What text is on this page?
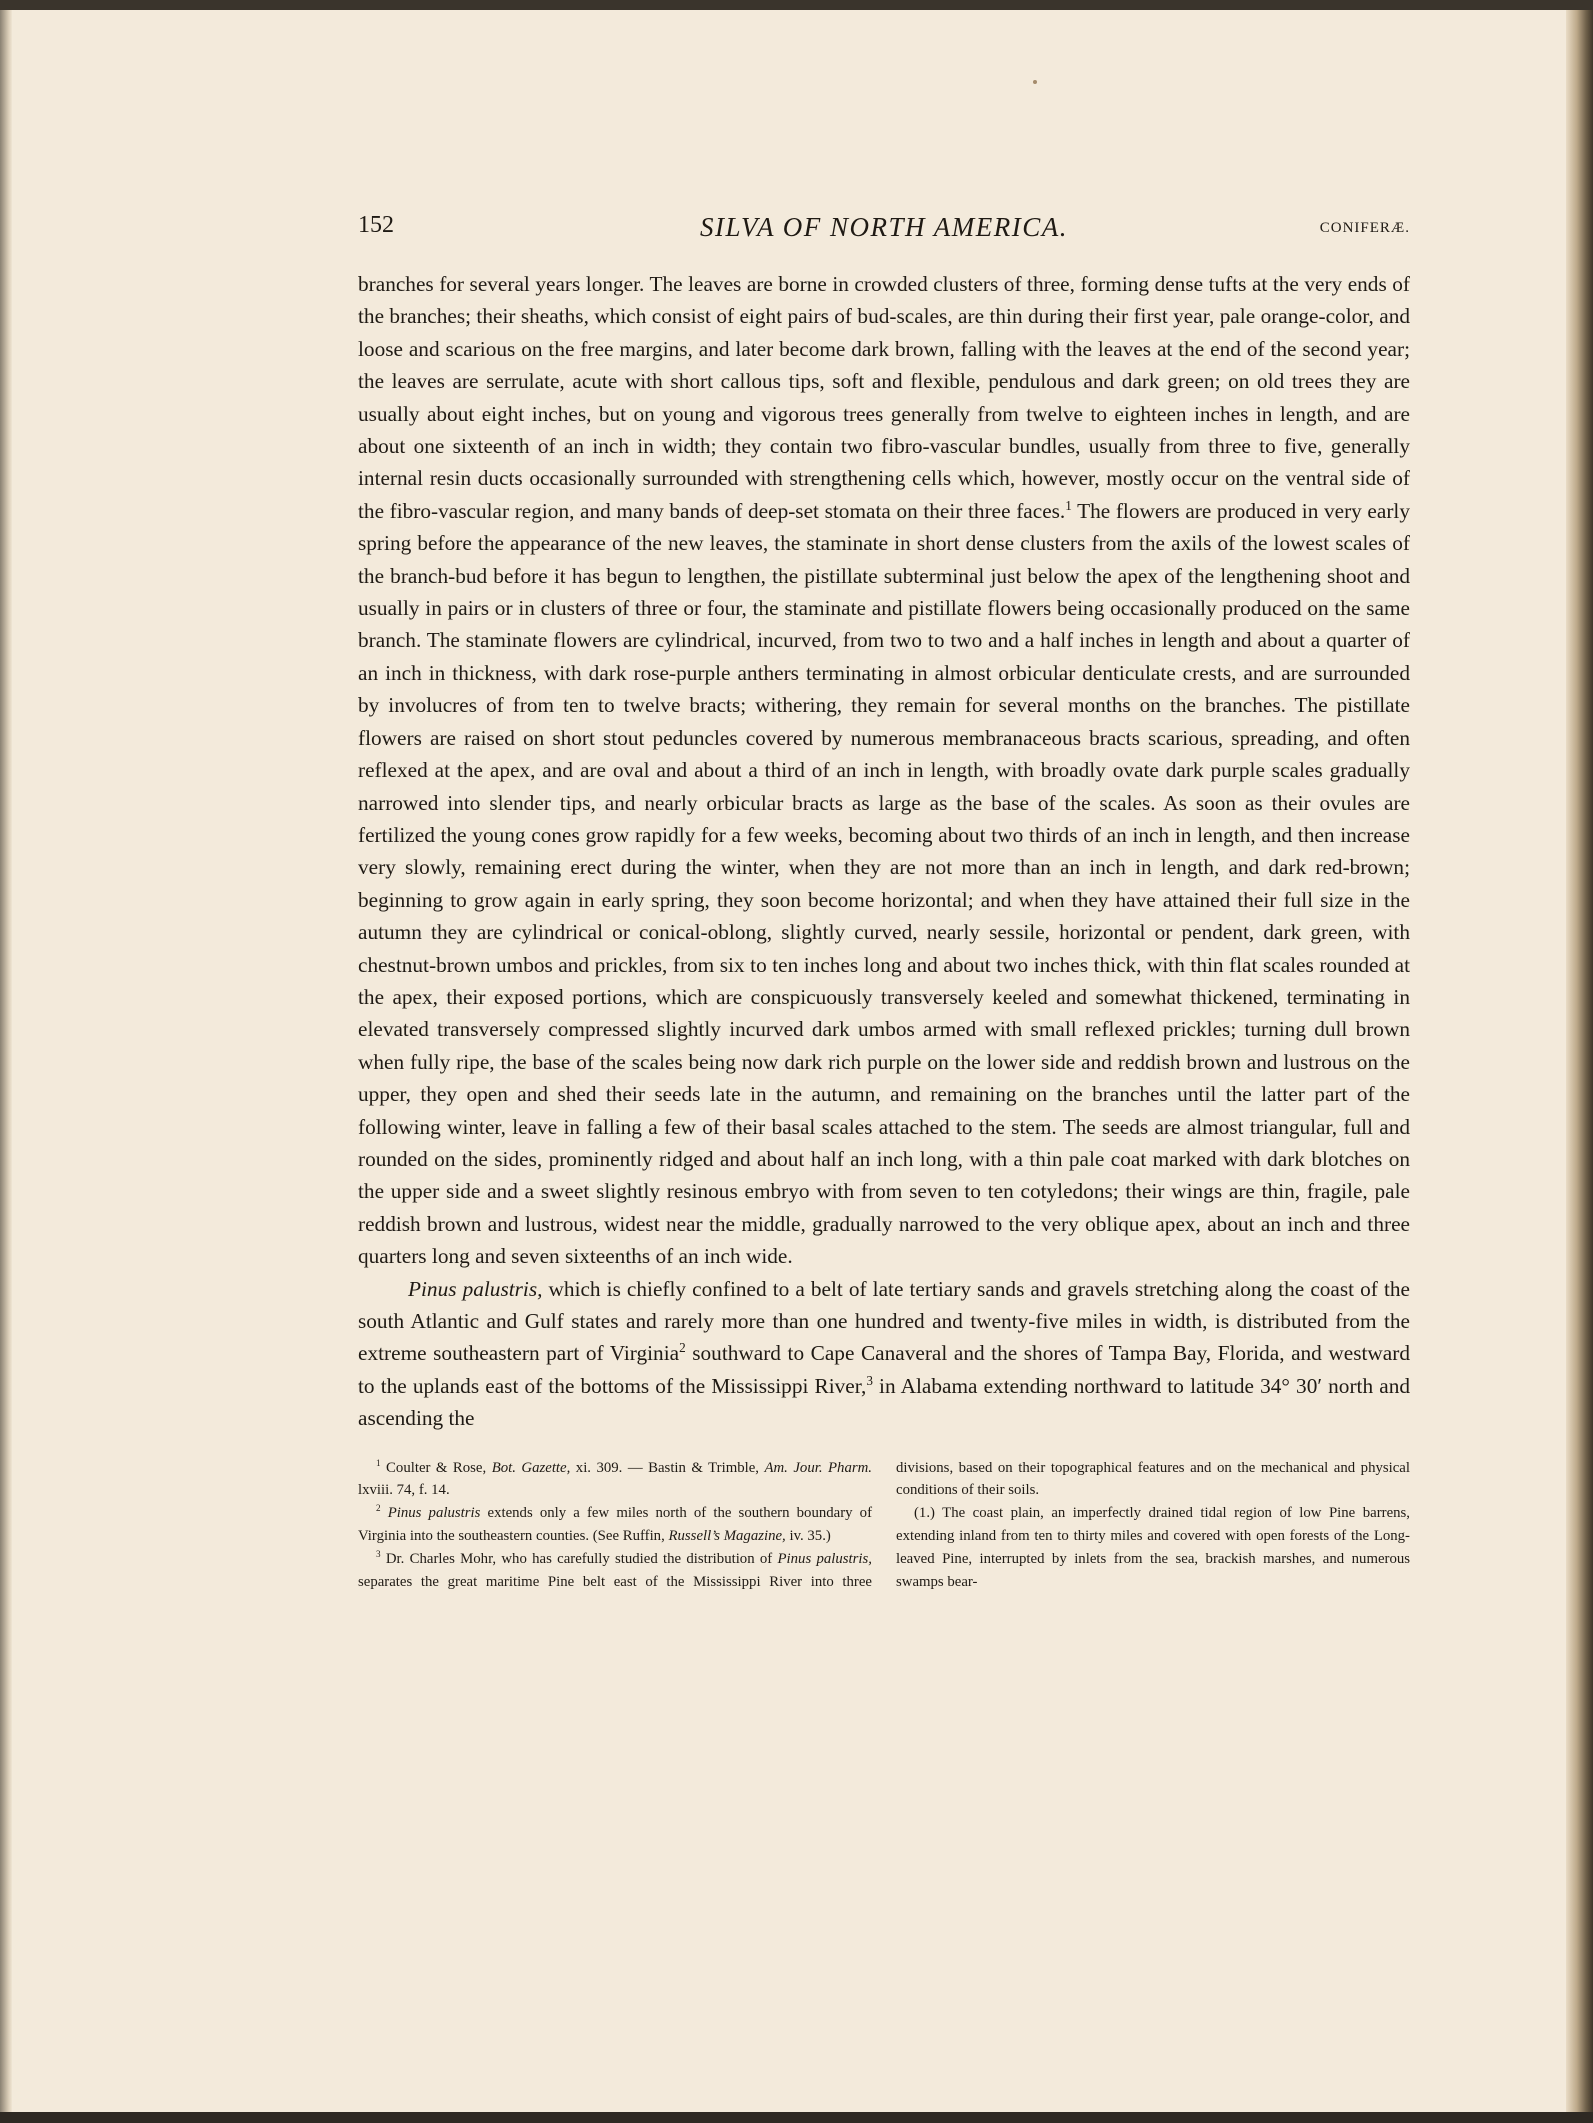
152	SILVA OF NORTH AMERICA.	CONIFERÆ.

branches for several years longer. The leaves are borne in crowded clusters of three, forming dense tufts at the very ends of the branches; their sheaths, which consist of eight pairs of bud-scales, are thin during their first year, pale orange-color, and loose and scarious on the free margins, and later become dark brown, falling with the leaves at the end of the second year; the leaves are serrulate, acute with short callous tips, soft and flexible, pendulous and dark green; on old trees they are usually about eight inches, but on young and vigorous trees generally from twelve to eighteen inches in length, and are about one sixteenth of an inch in width; they contain two fibro-vascular bundles, usually from three to five, generally internal resin ducts occasionally surrounded with strengthening cells which, however, mostly occur on the ventral side of the fibro-vascular region, and many bands of deep-set stomata on their three faces.$^1$ The flowers are produced in very early spring before the appearance of the new leaves, the staminate in short dense clusters from the axils of the lowest scales of the branch-bud before it has begun to lengthen, the pistillate subterminal just below the apex of the lengthening shoot and usually in pairs or in clusters of three or four, the staminate and pistillate flowers being occasionally produced on the same branch. The staminate flowers are cylindrical, incurved, from two to two and a half inches in length and about a quarter of an inch in thickness, with dark rose-purple anthers terminating in almost orbicular denticulate crests, and are surrounded by involucres of from ten to twelve bracts; withering, they remain for several months on the branches. The pistillate flowers are raised on short stout peduncles covered by numerous membranaceous bracts scarious, spreading, and often reflexed at the apex, and are oval and about a third of an inch in length, with broadly ovate dark purple scales gradually narrowed into slender tips, and nearly orbicular bracts as large as the base of the scales. As soon as their ovules are fertilized the young cones grow rapidly for a few weeks, becoming about two thirds of an inch in length, and then increase very slowly, remaining erect during the winter, when they are not more than an inch in length, and dark red-brown; beginning to grow again in early spring, they soon become horizontal; and when they have attained their full size in the autumn they are cylindrical or conical-oblong, slightly curved, nearly sessile, horizontal or pendent, dark green, with chestnut-brown umbos and prickles, from six to ten inches long and about two inches thick, with thin flat scales rounded at the apex, their exposed portions, which are conspicuously transversely keeled and somewhat thickened, terminating in elevated transversely compressed slightly incurved dark umbos armed with small reflexed prickles; turning dull brown when fully ripe, the base of the scales being now dark rich purple on the lower side and reddish brown and lustrous on the upper, they open and shed their seeds late in the autumn, and remaining on the branches until the latter part of the following winter, leave in falling a few of their basal scales attached to the stem. The seeds are almost triangular, full and rounded on the sides, prominently ridged and about half an inch long, with a thin pale coat marked with dark blotches on the upper side and a sweet slightly resinous embryo with from seven to ten cotyledons; their wings are thin, fragile, pale reddish brown and lustrous, widest near the middle, gradually narrowed to the very oblique apex, about an inch and three quarters long and seven sixteenths of an inch wide.

Pinus palustris, which is chiefly confined to a belt of late tertiary sands and gravels stretching along the coast of the south Atlantic and Gulf states and rarely more than one hundred and twenty-five miles in width, is distributed from the extreme southeastern part of Virginia$^2$ southward to Cape Canaveral and the shores of Tampa Bay, Florida, and westward to the uplands east of the bottoms of the Mississippi River,$^3$ in Alabama extending northward to latitude 34° 30′ north and ascending the

$^1$ Coulter & Rose, Bot. Gazette, xi. 309. — Bastin & Trimble, Am. Jour. Pharm. lxviii. 74, f. 14.

$^2$ Pinus palustris extends only a few miles north of the southern boundary of Virginia into the southeastern counties. (See Ruffin, Russell’s Magazine, iv. 35.)

$^3$ Dr. Charles Mohr, who has carefully studied the distribution of Pinus palustris, separates the great maritime Pine belt east of the Mississippi River into three divisions, based on their topographical features and on the mechanical and physical conditions of their soils.

(1.) The coast plain, an imperfectly drained tidal region of low Pine barrens, extending inland from ten to thirty miles and covered with open forests of the Long-leaved Pine, interrupted by inlets from the sea, brackish marshes, and numerous swamps bear-
